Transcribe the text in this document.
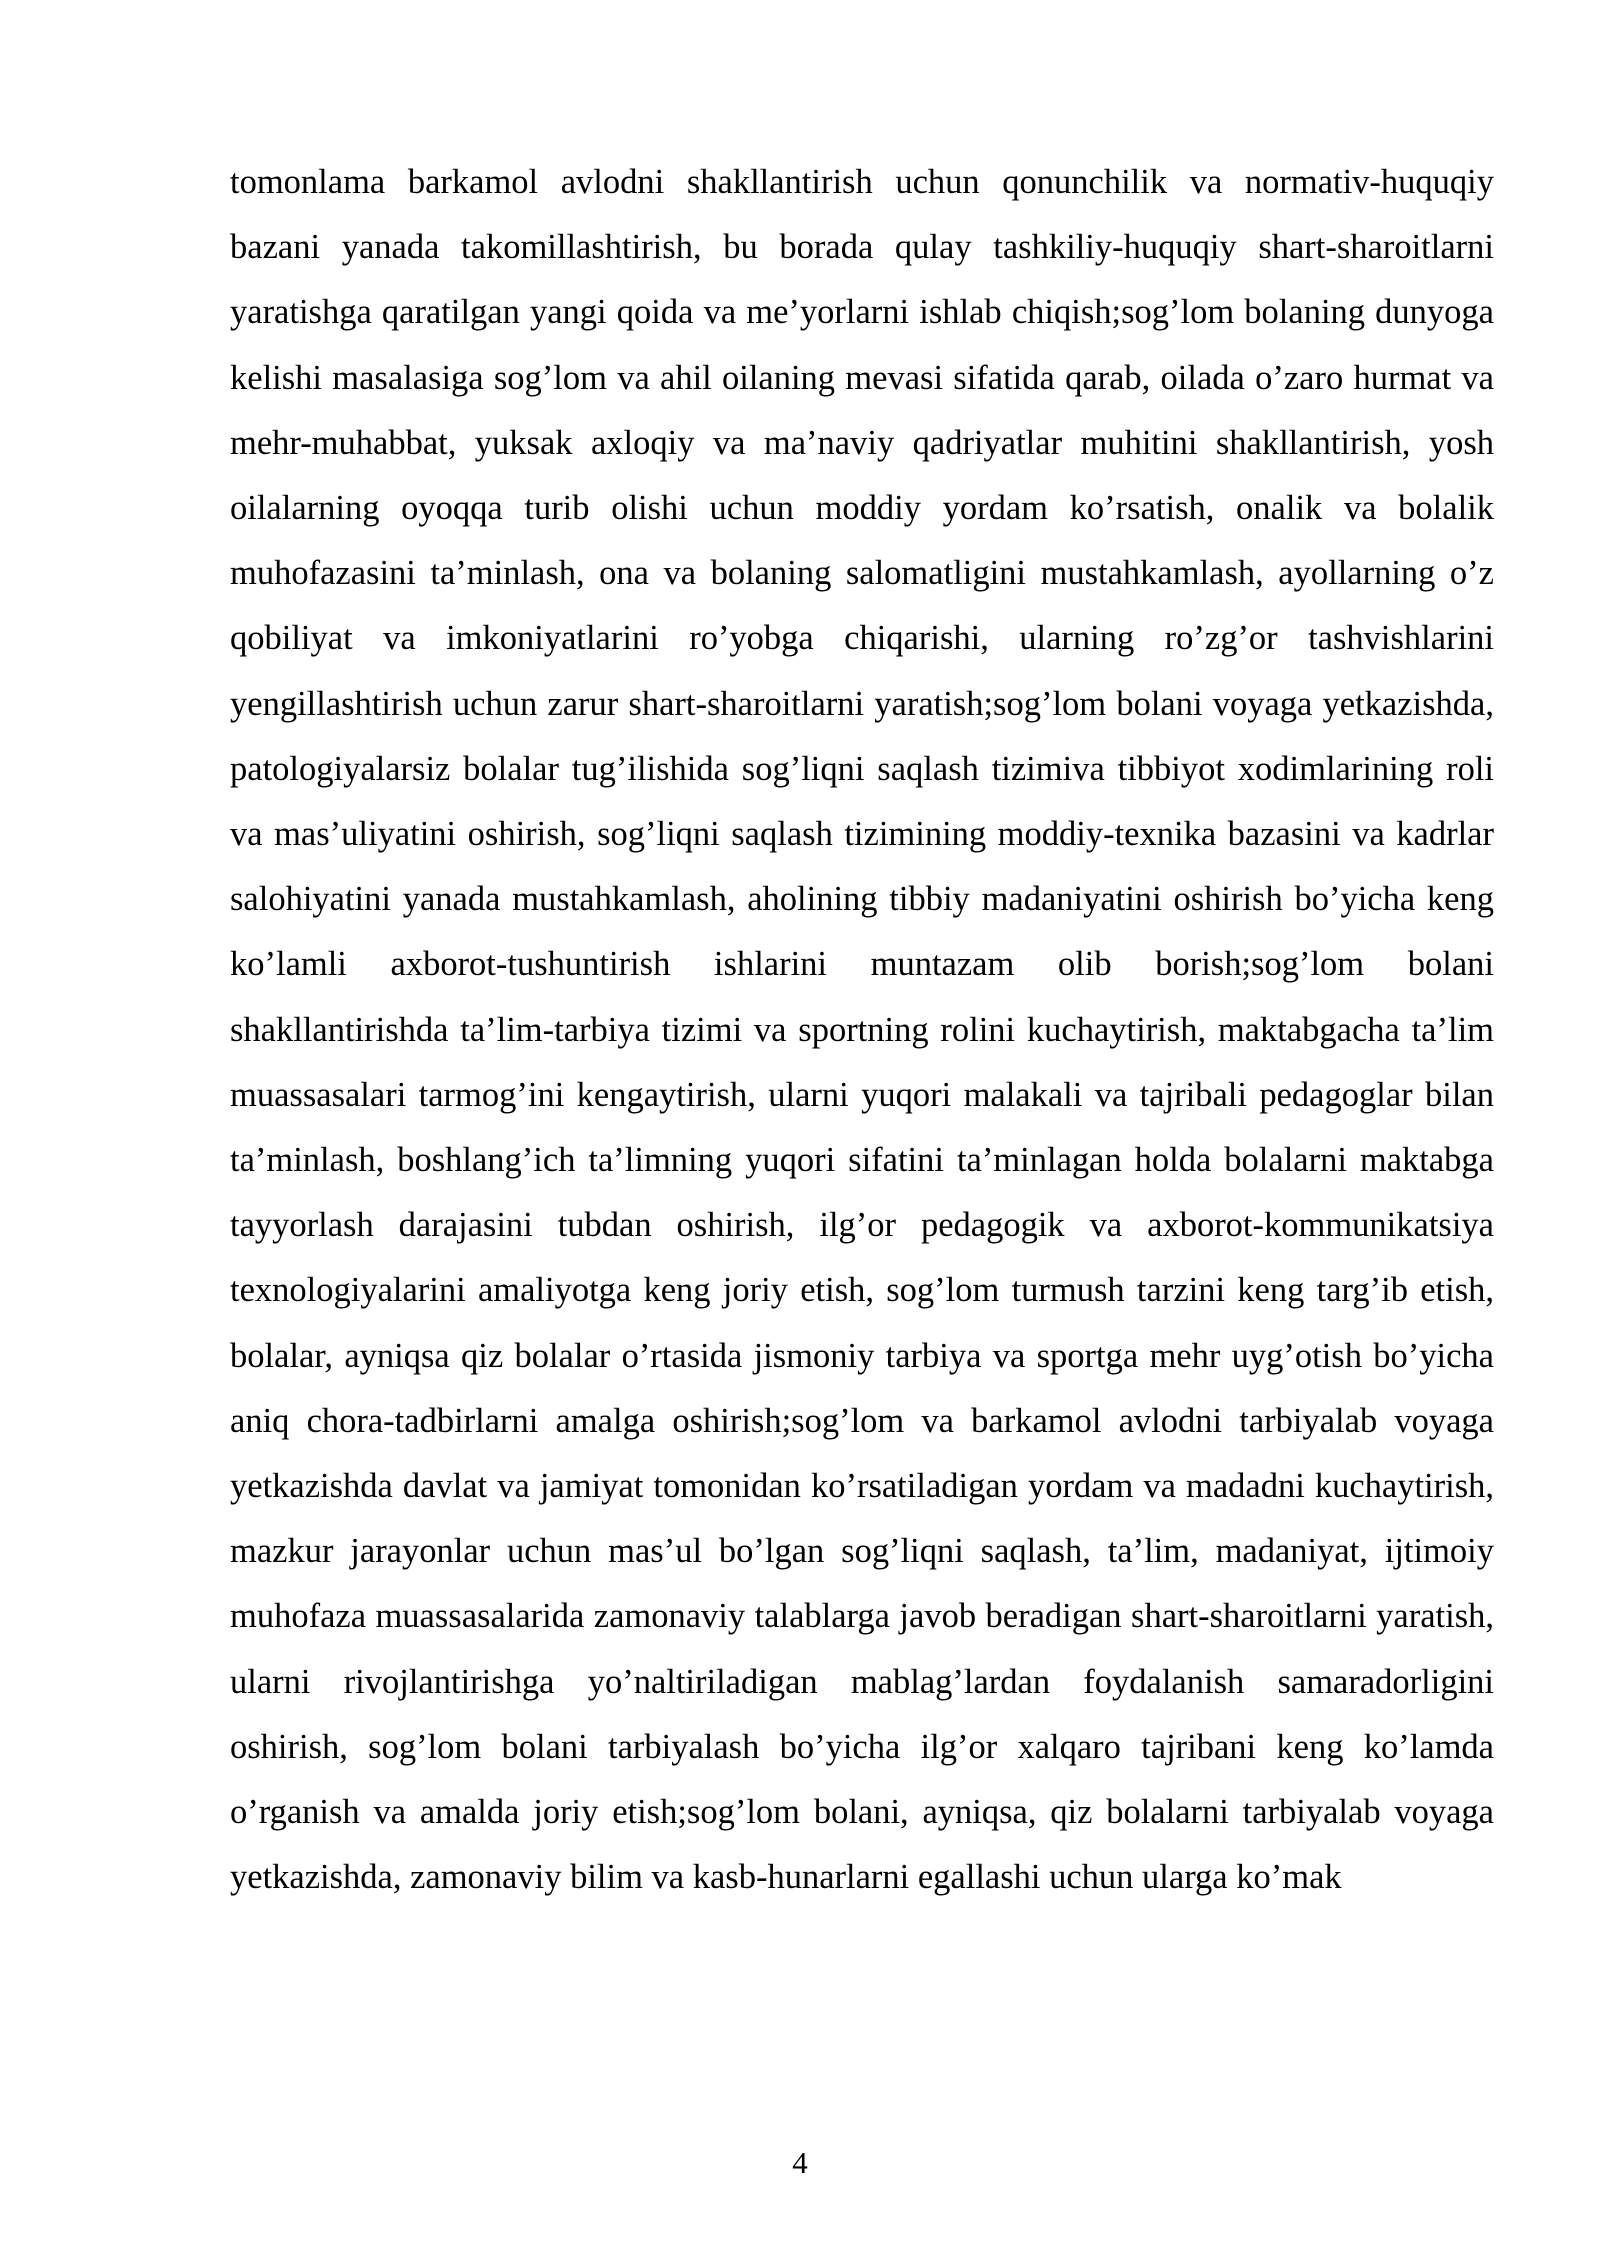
tomonlama barkamol avlodni shakllantirish uchun qonunchilik va normativ-huquqiy bazani yanada takomillashtirish, bu borada qulay tashkiliy-huquqiy shart-sharoitlarni yaratishga qaratilgan yangi qoida va me’yorlarni ishlab chiqish;sog’lom bolaning dunyoga kelishi masalasiga sog’lom va ahil oilaning mevasi sifatida qarab, oilada o’zaro hurmat va mehr-muhabbat, yuksak axloqiy va ma’naviy qadriyatlar muhitini shakllantirish, yosh oilalarning oyoqqa turib olishi uchun moddiy yordam ko’rsatish, onalik va bolalik muhofazasini ta’minlash, ona va bolaning salomatligini mustahkamlash, ayollarning o’z qobiliyat va imkoniyatlarini ro’yobga chiqarishi, ularning ro’zg’or tashvishlarini yengillashtirish uchun zarur shart-sharoitlarni yaratish;sog’lom bolani voyaga yetkazishda, patologiyalarsiz bolalar tug’ilishida sog’liqni saqlash tizimiva tibbiyot xodimlarining roli va mas’uliyatini oshirish, sog’liqni saqlash tizimining moddiy-texnika bazasini va kadrlar salohiyatini yanada mustahkamlash, aholining tibbiy madaniyatini oshirish bo’yicha keng ko’lamli axborot-tushuntirish ishlarini muntazam olib borish;sog’lom bolani shakllantirishda ta’lim-tarbiya tizimi va sportning rolini kuchaytirish, maktabgacha ta’lim muassasalari tarmog’ini kengaytirish, ularni yuqori malakali va tajribali pedagoglar bilan ta’minlash, boshlang’ich ta’limning yuqori sifatini ta’minlagan holda bolalarni maktabga tayyorlash darajasini tubdan oshirish, ilg’or pedagogik va axborot-kommunikatsiya texnologiyalarini amaliyotga keng joriy etish, sog’lom turmush tarzini keng targ’ib etish, bolalar, ayniqsa qiz bolalar o’rtasida jismoniy tarbiya va sportga mehr uyg’otish bo’yicha aniq chora-tadbirlarni amalga oshirish;sog’lom va barkamol avlodni tarbiyalab voyaga yetkazishda davlat va jamiyat tomonidan ko’rsatiladigan yordam va madadni kuchaytirish, mazkur jarayonlar uchun mas’ul bo’lgan sog’liqni saqlash, ta’lim, madaniyat, ijtimoiy muhofaza muassasalarida zamonaviy talablarga javob beradigan shart-sharoitlarni yaratish, ularni rivojlantirishga yo’naltiriladigan mablag’lardan foydalanish samaradorligini oshirish, sog’lom bolani tarbiyalash bo’yicha ilg’or xalqaro tajribani keng ko’lamda o’rganish va amalda joriy etish;sog’lom bolani, ayniqsa, qiz bolalarni tarbiyalab voyaga yetkazishda, zamonaviy bilim va kasb-hunarlarni egallashi uchun ularga ko’mak

4
